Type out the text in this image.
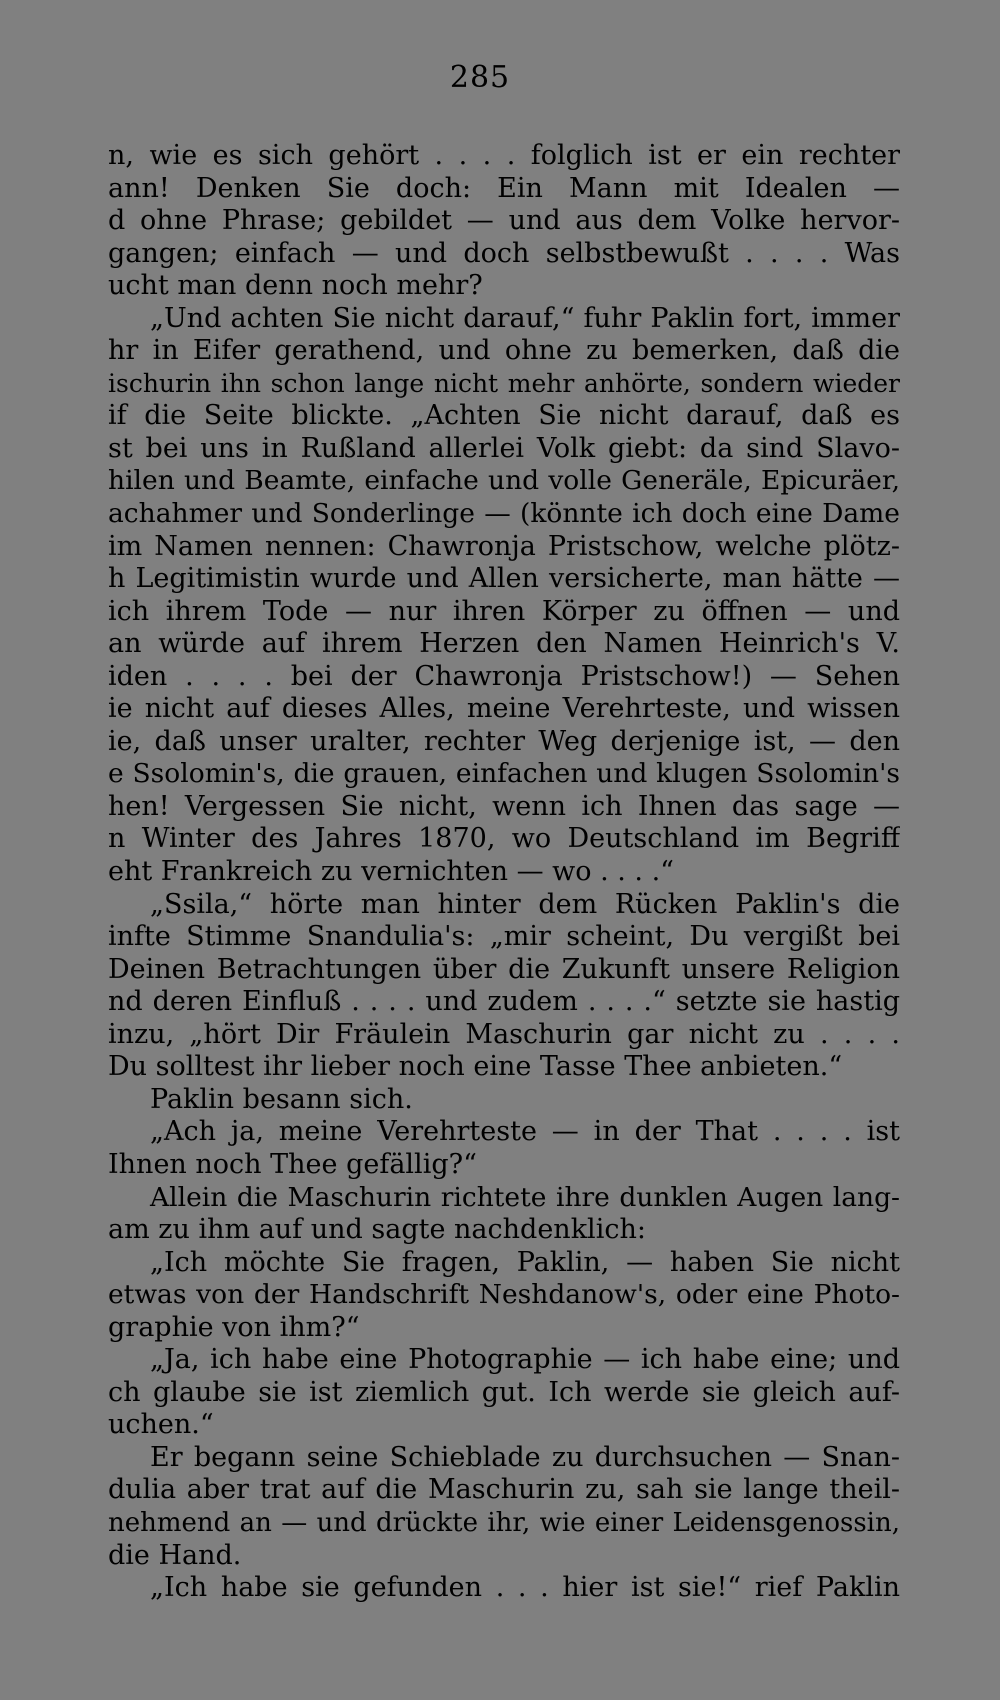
285
n, wie es sich gehört . . . . folglich ist er ein rechter
ann! Denken Sie doch: Ein Mann mit Idealen —
d ohne Phrase; gebildet — und aus dem Volke hervor-
gangen; einfach — und doch selbstbewußt . . . . Was
ucht man denn noch mehr?
„Und achten Sie nicht darauf,“ fuhr Paklin fort, immer
hr in Eifer gerathend, und ohne zu bemerken, daß die
ischurin ihn schon lange nicht mehr anhörte, sondern wieder
if die Seite blickte. „Achten Sie nicht darauf, daß es
st bei uns in Rußland allerlei Volk giebt: da sind Slavo-
hilen und Beamte, einfache und volle Generäle, Epicuräer,
achahmer und Sonderlinge — (könnte ich doch eine Dame
im Namen nennen: Chawronja Pristschow, welche plötz-
h Legitimistin wurde und Allen versicherte, man hätte —
ich ihrem Tode — nur ihren Körper zu öffnen — und
an würde auf ihrem Herzen den Namen Heinrich's V.
iden . . . . bei der Chawronja Pristschow!) — Sehen
ie nicht auf dieses Alles, meine Verehrteste, und wissen
ie, daß unser uralter, rechter Weg derjenige ist, — den
e Ssolomin's, die grauen, einfachen und klugen Ssolomin's
hen! Vergessen Sie nicht, wenn ich Ihnen das sage —
n Winter des Jahres 1870, wo Deutschland im Begriff
eht Frankreich zu vernichten — wo . . . .“
„Ssila,“ hörte man hinter dem Rücken Paklin's die
infte Stimme Snandulia's: „mir scheint, Du vergißt bei
Deinen Betrachtungen über die Zukunft unsere Religion
nd deren Einfluß . . . . und zudem . . . .“ setzte sie hastig
inzu, „hört Dir Fräulein Maschurin gar nicht zu . . . .
Du solltest ihr lieber noch eine Tasse Thee anbieten.“
Paklin besann sich.
„Ach ja, meine Verehrteste — in der That . . . . ist
Ihnen noch Thee gefällig?“
Allein die Maschurin richtete ihre dunklen Augen lang-
am zu ihm auf und sagte nachdenklich:
„Ich möchte Sie fragen, Paklin, — haben Sie nicht
etwas von der Handschrift Neshdanow's, oder eine Photo-
graphie von ihm?“
„Ja, ich habe eine Photographie — ich habe eine; und
ch glaube sie ist ziemlich gut. Ich werde sie gleich auf-
uchen.“
Er begann seine Schieblade zu durchsuchen — Snan-
dulia aber trat auf die Maschurin zu, sah sie lange theil-
nehmend an — und drückte ihr, wie einer Leidensgenossin,
die Hand.
„Ich habe sie gefunden . . . hier ist sie!“ rief Paklin
